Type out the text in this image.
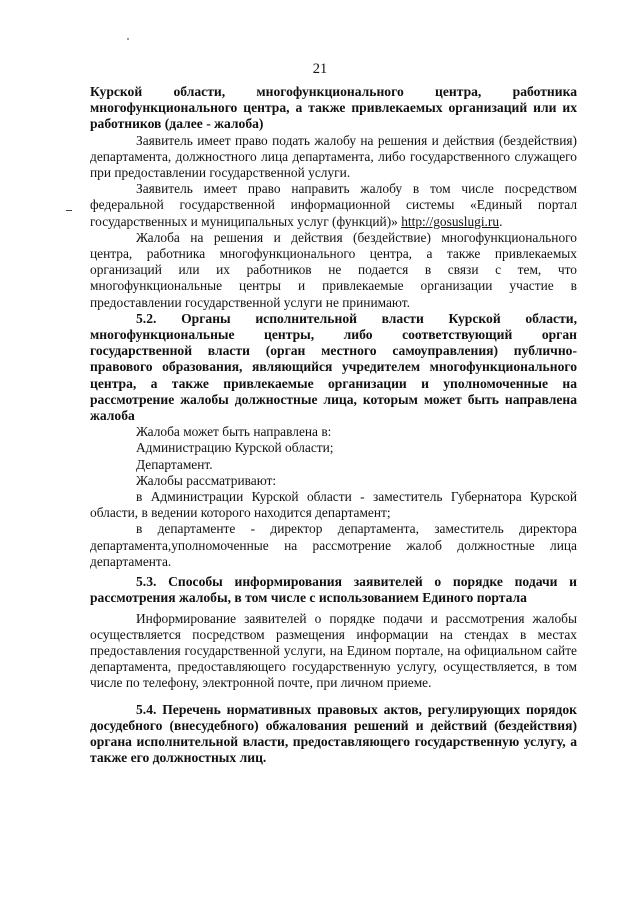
21

Курской области, многофункционального центра, работника многофункционального центра, а также привлекаемых организаций или их работников (далее - жалоба)

Заявитель имеет право подать жалобу на решения и действия (бездействия) департамента, должностного лица департамента, либо государственного служащего при предоставлении государственной услуги.

Заявитель имеет право направить жалобу в том числе посредством федеральной государственной информационной системы «Единый портал государственных и муниципальных услуг (функций)» http://gosuslugi.ru.

Жалоба на решения и действия (бездействие) многофункционального центра, работника многофункционального центра, а также привлекаемых организаций или их работников не подается в связи с тем, что многофункциональные центры и привлекаемые организации участие в предоставлении государственной услуги не принимают.

5.2. Органы исполнительной власти Курской области, многофункциональные центры, либо соответствующий орган государственной власти (орган местного самоуправления) публично-правового образования, являющийся учредителем многофункционального центра, а также привлекаемые организации и уполномоченные на рассмотрение жалобы должностные лица, которым может быть направлена жалоба

Жалоба может быть направлена в:

Администрацию Курской области;

Департамент.

Жалобы рассматривают:

в Администрации Курской области - заместитель Губернатора Курской области, в ведении которого находится департамент;

в департаменте - директор департамента, заместитель директора департамента,уполномоченные на рассмотрение жалоб должностные лица департамента.

5.3. Способы информирования заявителей о порядке подачи и рассмотрения жалобы, в том числе с использованием Единого портала

Информирование заявителей о порядке подачи и рассмотрения жалобы осуществляется посредством размещения информации на стендах в местах предоставления государственной услуги, на Едином портале, на официальном сайте департамента, предоставляющего государственную услугу, осуществляется, в том числе по телефону, электронной почте, при личном приеме.

5.4. Перечень нормативных правовых актов, регулирующих порядок досудебного (внесудебного) обжалования решений и действий (бездействия) органа исполнительной власти, предоставляющего государственную услугу, а также его должностных лиц.
